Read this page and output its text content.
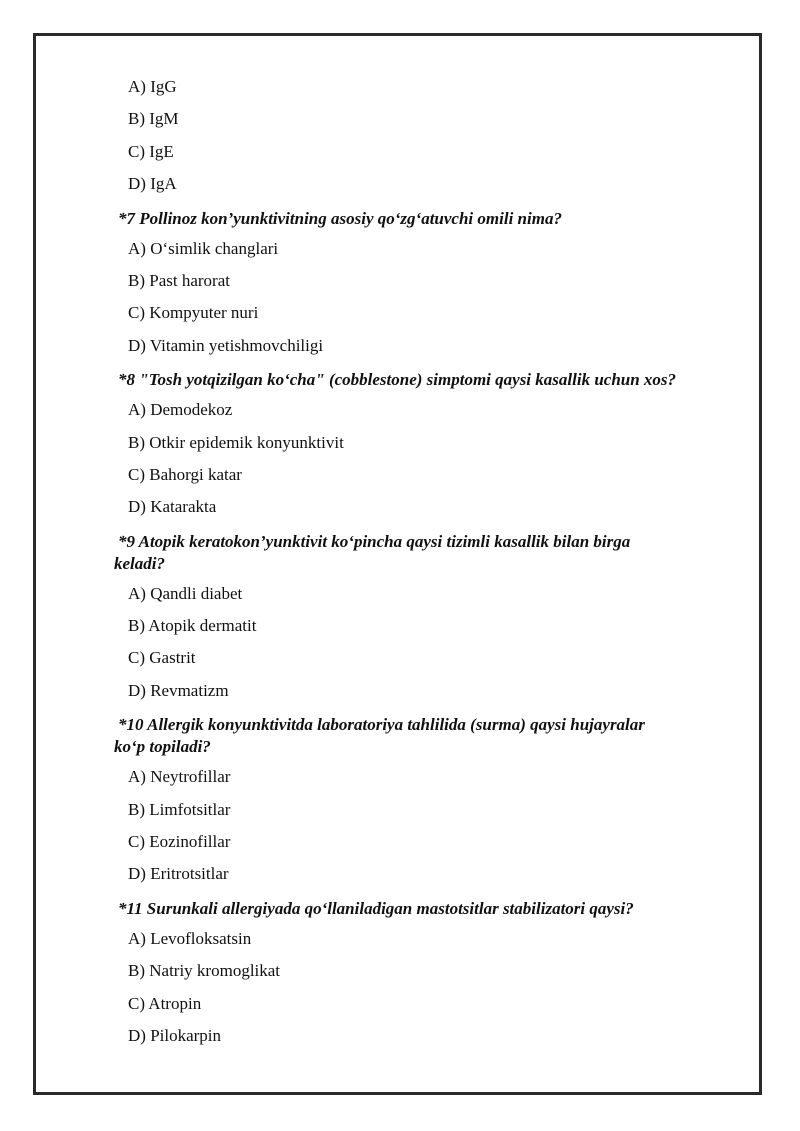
A) IgG
B) IgM
C) IgE
D) IgA
*7 Pollinoz kon’yunktivitning asosiy qo‘zg‘atuvchi omili nima?
A) O‘simlik changlari
B) Past harorat
C) Kompyuter nuri
D) Vitamin yetishmovchiligi
*8 "Tosh yotqizilgan ko‘cha" (cobblestone) simptomi qaysi kasallik uchun xos?
A) Demodekoz
B) Otkir epidemik konyunktivit
C) Bahorgi katar
D) Katarakta
*9 Atopik keratokon’yunktivit ko‘pincha qaysi tizimli kasallik bilan birga
keladi?
A) Qandli diabet
B) Atopik dermatit
C) Gastrit
D) Revmatizm
*10 Allergik konyunktivitda laboratoriya tahlilida (surma) qaysi hujayralar
ko‘p topiladi?
A) Neytrofillar
B) Limfotsitlar
C) Eozinofillar
D) Eritrotsitlar
*11 Surunkali allergiyada qo‘llaniladigan mastotsitlar stabilizatori qaysi?
A) Levofloksatsin
B) Natriy kromoglikat
C) Atropin
D) Pilokarpin
